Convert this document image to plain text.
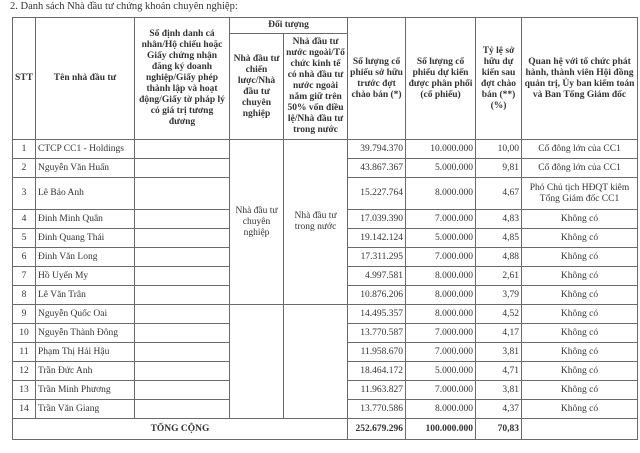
2. Danh sách Nhà đầu tư chứng khoán chuyên nghiệp:
STT	Tên nhà đầu tư	Số định danh cá nhân/Hộ chiếu hoặc Giấy chứng nhận đăng ký doanh nghiệp/Giấy phép thành lập và hoạt động/Giấy tờ pháp lý có giá trị tương đương	Đối tượng		Số lượng cổ phiếu sở hữu trước đợt chào bán (*)	Số lượng cổ phiếu dự kiến được phân phối (cổ phiếu)	Tỷ lệ sở hữu dự kiến sau đợt chào bán (**) (%)	Quan hệ với tổ chức phát hành, thành viên Hội đồng quản trị, Ủy ban kiểm toán và Ban Tổng Giám đốc
			Nhà đầu tư chiến lược/Nhà đầu tư chuyên nghiệp	Nhà đầu tư nước ngoài/Tổ chức kinh tế có nhà đầu tư nước ngoài nắm giữ trên 50% vốn điều lệ/Nhà đầu tư trong nước				
1	CTCP CC1 - Holdings		Nhà đầu tư chuyên nghiệp	Nhà đầu tư trong nước	39.794.370	10.000.000	10,00	Cổ đông lớn của CC1
2	Nguyễn Văn Huấn				43.867.367	5.000.000	9,81	Cổ đông lớn của CC1
3	Lê Bảo Anh				15.227.764	8.000.000	4,67	Phó Chủ tịch HĐQT kiêm Tổng Giám đốc CC1
4	Đinh Minh Quân				17.039.390	7.000.000	4,83	Không có
5	Đinh Quang Thái				19.142.124	5.000.000	4,85	Không có
6	Đinh Văn Long				17.311.295	7.000.000	4,88	Không có
7	Hồ Uyển My				4.997.581	8.000.000	2,61	Không có
8	Lê Văn Trân				10.876.206	8.000.000	3,79	Không có
9	Nguyễn Quốc Oai				14.495.357	8.000.000	4,52	Không có
10	Nguyễn Thành Đông				13.770.587	7.000.000	4,17	Không có
11	Phạm Thị Hải Hậu				11.958.670	7.000.000	3,81	Không có
12	Trần Đức Anh				18.464.172	5.000.000	4,71	Không có
13	Trần Minh Phương				11.963.827	7.000.000	3,81	Không có
14	Trần Văn Giang				13.770.586	8.000.000	4,37	Không có
TỔNG CỘNG					252.679.296	100.000.000	70,83	
